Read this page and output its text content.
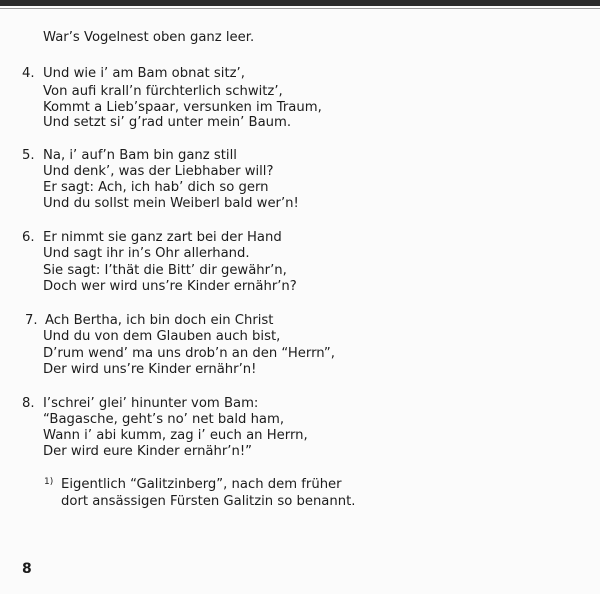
War’s Vogelnest oben ganz leer.
4. Und wie i’ am Bam obnat sitz’,
Von aufi krall’n fürchterlich schwitz’,
Kommt a Lieb’spaar, versunken im Traum,
Und setzt si’ g’rad unter mein’ Baum.
5. Na, i’ auf’n Bam bin ganz still
Und denk’, was der Liebhaber will?
Er sagt: Ach, ich hab’ dich so gern
Und du sollst mein Weiberl bald wer’n!
6. Er nimmt sie ganz zart bei der Hand
Und sagt ihr in’s Ohr allerhand.
Sie sagt: I’thät die Bitt’ dir gewähr’n,
Doch wer wird uns’re Kinder ernähr’n?
7. Ach Bertha, ich bin doch ein Christ
Und du von dem Glauben auch bist,
D’rum wend’ ma uns drob’n an den “Herrn”,
Der wird uns’re Kinder ernähr’n!
8. I’schrei’ glei’ hinunter vom Bam:
“Bagasche, geht’s no’ net bald ham,
Wann i’ abi kumm, zag i’ euch an Herrn,
Der wird eure Kinder ernähr’n!”
1) Eigentlich “Galitzinberg”, nach dem früher
dort ansässigen Fürsten Galitzin so benannt.
8
